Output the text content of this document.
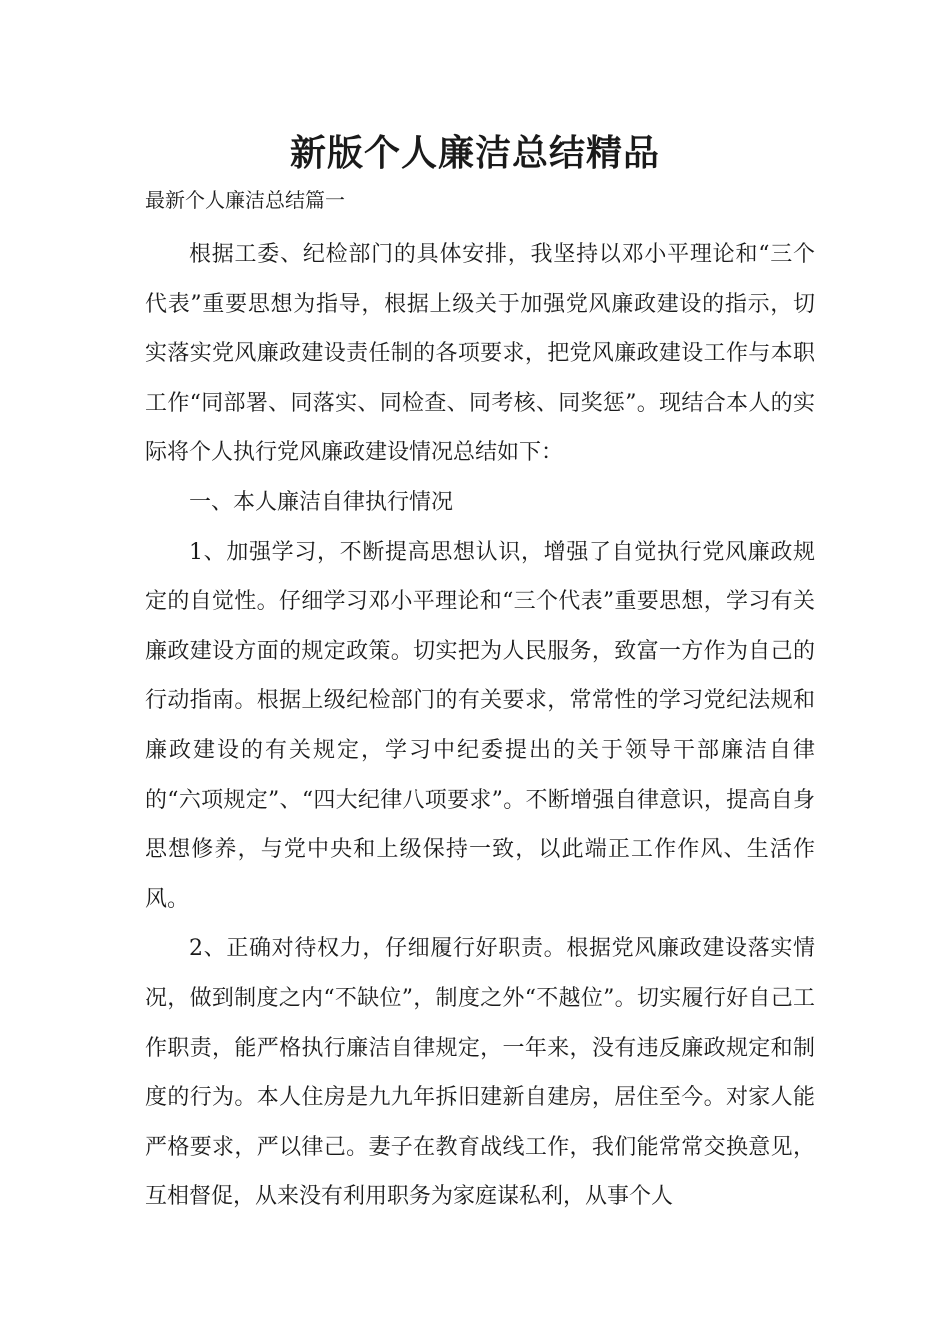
新版个人廉洁总结精品

最新个人廉洁总结篇一

根据工委、纪检部门的具体安排，我坚持以邓小平理论和“三个代表”重要思想为指导，根据上级关于加强党风廉政建设的指示，切实落实党风廉政建设责任制的各项要求，把党风廉政建设工作与本职工作“同部署、同落实、同检查、同考核、同奖惩”。现结合本人的实际将个人执行党风廉政建设情况总结如下：

一、本人廉洁自律执行情况

1、加强学习，不断提高思想认识，增强了自觉执行党风廉政规定的自觉性。仔细学习邓小平理论和“三个代表”重要思想，学习有关廉政建设方面的规定政策。切实把为人民服务，致富一方作为自己的行动指南。根据上级纪检部门的有关要求，常常性的学习党纪法规和廉政建设的有关规定，学习中纪委提出的关于领导干部廉洁自律的“六项规定”、“四大纪律八项要求”。不断增强自律意识，提高自身思想修养，与党中央和上级保持一致，以此端正工作作风、生活作风。

2、正确对待权力，仔细履行好职责。根据党风廉政建设落实情况，做到制度之内“不缺位”，制度之外“不越位”。切实履行好自己工作职责，能严格执行廉洁自律规定，一年来，没有违反廉政规定和制度的行为。本人住房是九九年拆旧建新自建房，居住至今。对家人能严格要求，严以律己。妻子在教育战线工作，我们能常常交换意见，互相督促，从来没有利用职务为家庭谋私利，从事个人
